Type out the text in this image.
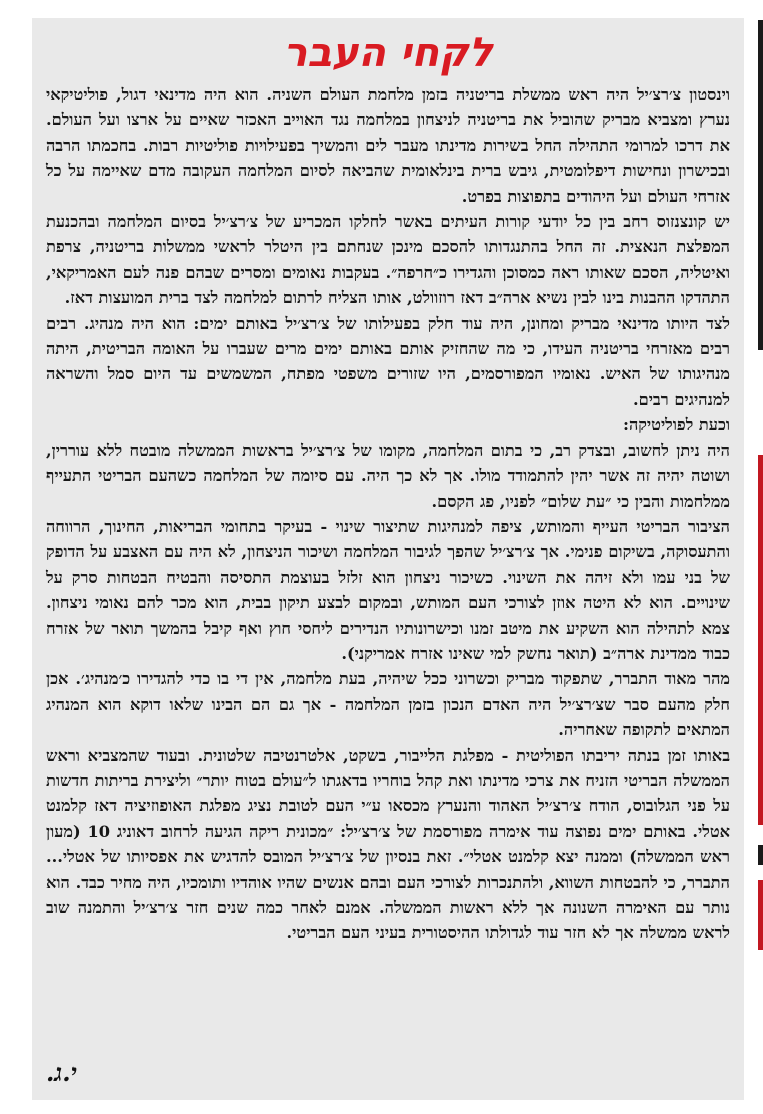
לקחי העבר

וינסטון צ׳רצ׳יל היה ראש ממשלת בריטניה בזמן מלחמת העולם השניה. הוא היה מדינאי דגול, פוליטיקאי נערץ ומצביא מבריק שהוביל את בריטניה לניצחון במלחמה נגד האוייב האכזר שאיים על ארצו ועל העולם. את דרכו למרומי התהילה החל בשירות מדינתו מעבר לים והמשיך בפעילויות פוליטיות רבות. בחכמתו הרבה ובכישרון ונחישות דיפלומטית, גיבש ברית בינלאומית שהביאה לסיום המלחמה העקובה מדם שאיימה על כל אזרחי העולם ועל היהודים בתפוצות בפרט.

יש קונצנזוס רחב בין כל יודעי קורות העיתים באשר לחלקו המכריע של צ׳רצ׳יל בסיום המלחמה ובהכנעת המפלצת הנאצית. זה החל בהתנגדותו להסכם מינכן שנחתם בין היטלר לראשי ממשלות בריטניה, צרפת ואיטליה, הסכם שאותו ראה כמסוכן והגדירו כ״חרפה״. בעקבות נאומים ומסרים שבהם פנה לעם האמריקאי, התהדקו ההבנות בינו לבין נשיא ארה״ב דאז רוזוולט, אותו הצליח לרתום למלחמה לצד ברית המועצות דאז.

לצד היותו מדינאי מבריק ומחונן, היה עוד חלק בפעילותו של צ׳רצ׳יל באותם ימים: הוא היה מנהיג. רבים רבים מאזרחי בריטניה העידו, כי מה שהחזיק אותם באותם ימים מרים שעברו על האומה הבריטית, היתה מנהיגותו של האיש. נאומיו המפורסמים, היו שזורים משפטי מפתח, המשמשים עד היום סמל והשראה למנהיגים רבים.

וכעת לפוליטיקה:

היה ניתן לחשוב, ובצדק רב, כי בתום המלחמה, מקומו של צ׳רצ׳יל בראשות הממשלה מובטח ללא עוררין, ושוטה יהיה זה אשר יהין להתמודד מולו. אך לא כך היה. עם סיומה של המלחמה כשהעם הבריטי התעייף ממלחמות והבין כי ״עת שלום״ לפניו, פג הקסם.

הציבור הבריטי העייף והמותש, ציפה למנהיגות שתיצור שינוי - בעיקר בתחומי הבריאות, החינוך, הרווחה והתעסוקה, בשיקום פנימי. אך צ׳רצ׳יל שהפך לגיבור המלחמה ושיכור הניצחון, לא היה עם האצבע על הדופק של בני עמו ולא זיהה את השינוי. כשיכור ניצחון הוא זלזל בעוצמת התסיסה והבטיח הבטחות סרק על שינויים. הוא לא היטה אוזן לצורכי העם המותש, ובמקום לבצע תיקון בבית, הוא מכר להם נאומי ניצחון. צמא לתהילה הוא השקיע את מיטב זמנו וכישרונותיו הנדירים ליחסי חוץ ואף קיבל בהמשך תואר של אזרח כבוד ממדינת ארה״ב (תואר נחשק למי שאינו אזרח אמריקני).

מהר מאוד התברר, שתפקוד מבריק וכשרוני ככל שיהיה, בעת מלחמה, אין די בו כדי להגדירו כ׳מנהיג׳. אכן חלק מהעם סבר שצ׳רצ׳יל היה האדם הנכון בזמן המלחמה - אך גם הם הבינו שלאו דוקא הוא המנהיג המתאים לתקופה שאחריה.

באותו זמן בנתה יריבתו הפוליטית - מפלגת הלייבור, בשקט, אלטרנטיבה שלטונית. ובעוד שהמצביא וראש הממשלה הבריטי הזניח את צרכי מדינתו ואת קהל בוחריו בדאגתו ל״עולם בטוח יותר״ וליצירת בריתות חדשות על פני הגלובוס, הודח צ׳רצ׳יל האהוד והנערץ מכסאו ע״י העם לטובת נציג מפלגת האופוזיציה דאז קלמנט אטלי. באותם ימים נפוצה עוד אימרה מפורסמת של צ׳רצ׳יל: ״מכונית ריקה הגיעה לרחוב דאוניג 10 (מעון ראש הממשלה) וממנה יצא קלמנט אטלי״. זאת בנסיון של צ׳רצ׳יל המובס להדגיש את אפסיותו של אטלי... התברר, כי להבטחות השווא, ולהתנכרות לצורכי העם ובהם אנשים שהיו אוהדיו ותומכיו, היה מחיר כבד. הוא נותר עם האימרה השנונה אך ללא ראשות הממשלה. אמנם לאחר כמה שנים חזר צ׳רצ׳יל והתמנה שוב לראש ממשלה אך לא חזר עוד לגדולתו ההיסטורית בעיני העם הבריטי.

י.ג.
